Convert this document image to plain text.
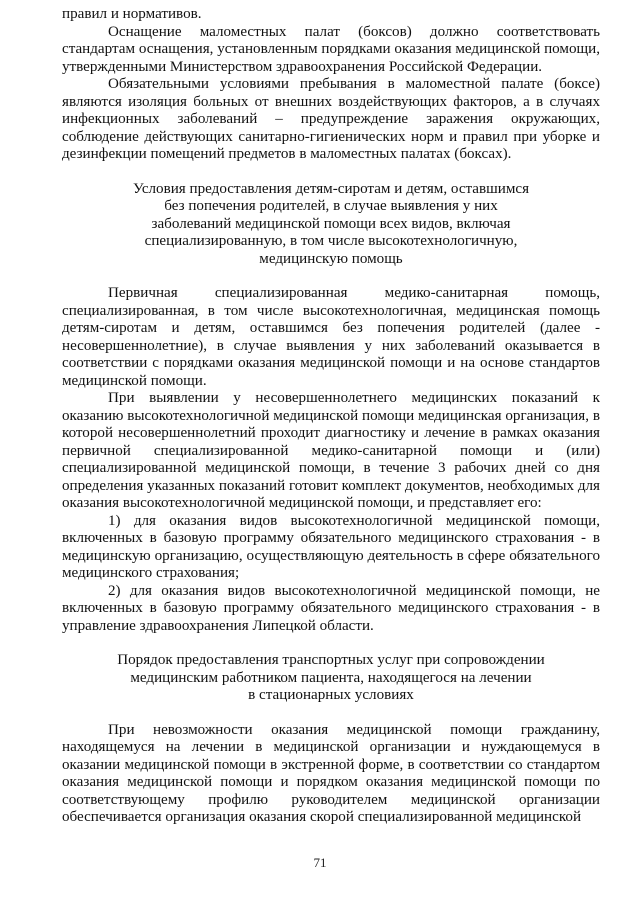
правил и нормативов.

Оснащение маломестных палат (боксов) должно соответствовать стандартам оснащения, установленным порядками оказания медицинской помощи, утвержденными Министерством здравоохранения Российской Федерации.

Обязательными условиями пребывания в маломестной палате (боксе) являются изоляция больных от внешних воздействующих факторов, а в случаях инфекционных заболеваний – предупреждение заражения окружающих, соблюдение действующих санитарно-гигиенических норм и правил при уборке и дезинфекции помещений предметов в маломестных палатах (боксах).

Условия предоставления детям-сиротам и детям, оставшимся
без попечения родителей, в случае выявления у них
заболеваний медицинской помощи всех видов, включая
специализированную, в том числе высокотехнологичную,
медицинскую помощь

Первичная специализированная медико-санитарная помощь, специализированная, в том числе высокотехнологичная, медицинская помощь детям-сиротам и детям, оставшимся без попечения родителей (далее - несовершеннолетние), в случае выявления у них заболеваний оказывается в соответствии с порядками оказания медицинской помощи и на основе стандартов медицинской помощи.

При выявлении у несовершеннолетнего медицинских показаний к оказанию высокотехнологичной медицинской помощи медицинская организация, в которой несовершеннолетний проходит диагностику и лечение в рамках оказания первичной специализированной медико-санитарной помощи и (или) специализированной медицинской помощи, в течение 3 рабочих дней со дня определения указанных показаний готовит комплект документов, необходимых для оказания высокотехнологичной медицинской помощи, и представляет его:

1) для оказания видов высокотехнологичной медицинской помощи, включенных в базовую программу обязательного медицинского страхования - в медицинскую организацию, осуществляющую деятельность в сфере обязательного медицинского страхования;

2) для оказания видов высокотехнологичной медицинской помощи, не включенных в базовую программу обязательного медицинского страхования - в управление здравоохранения Липецкой области.

Порядок предоставления транспортных услуг при сопровождении
медицинским работником пациента, находящегося на лечении
в стационарных условиях

При невозможности оказания медицинской помощи гражданину, находящемуся на лечении в медицинской организации и нуждающемуся в оказании медицинской помощи в экстренной форме, в соответствии со стандартом оказания медицинской помощи и порядком оказания медицинской помощи по соответствующему профилю руководителем медицинской организации обеспечивается организация оказания скорой специализированной медицинской

71
